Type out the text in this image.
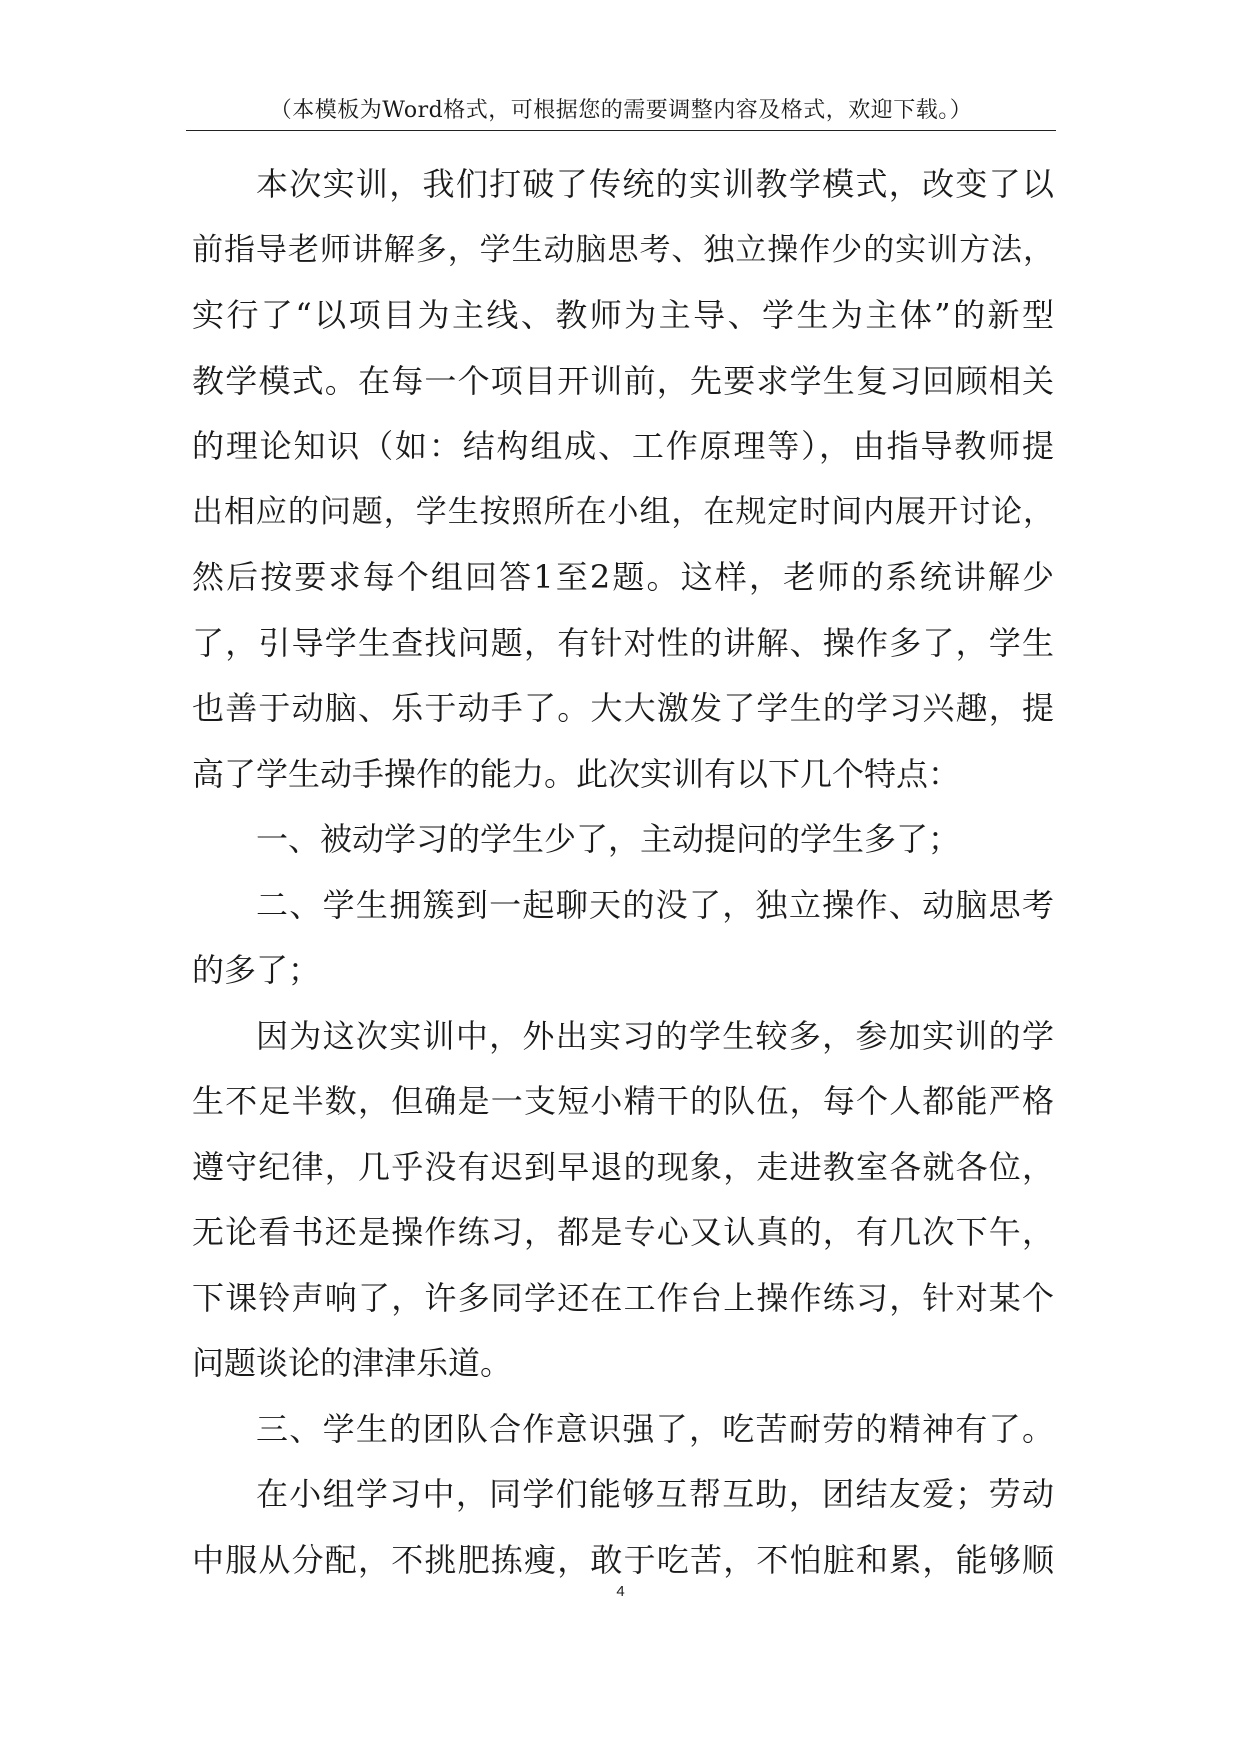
（本模板为Word格式，可根据您的需要调整内容及格式，欢迎下载。）
本次实训，我们打破了传统的实训教学模式，改变了以
前指导老师讲解多，学生动脑思考、独立操作少的实训方法，
实行了“以项目为主线、教师为主导、学生为主体”的新型
教学模式。在每一个项目开训前，先要求学生复习回顾相关
的理论知识（如：结构组成、工作原理等），由指导教师提
出相应的问题，学生按照所在小组，在规定时间内展开讨论，
然后按要求每个组回答1至2题。这样，老师的系统讲解少
了，引导学生查找问题，有针对性的讲解、操作多了，学生
也善于动脑、乐于动手了。大大激发了学生的学习兴趣，提
高了学生动手操作的能力。此次实训有以下几个特点：
一、被动学习的学生少了，主动提问的学生多了；
二、学生拥簇到一起聊天的没了，独立操作、动脑思考
的多了；
因为这次实训中，外出实习的学生较多，参加实训的学
生不足半数，但确是一支短小精干的队伍，每个人都能严格
遵守纪律，几乎没有迟到早退的现象，走进教室各就各位，
无论看书还是操作练习，都是专心又认真的，有几次下午，
下课铃声响了，许多同学还在工作台上操作练习，针对某个
问题谈论的津津乐道。
三、学生的团队合作意识强了，吃苦耐劳的精神有了。
在小组学习中，同学们能够互帮互助，团结友爱；劳动
中服从分配，不挑肥拣瘦，敢于吃苦，不怕脏和累，能够顺
4
